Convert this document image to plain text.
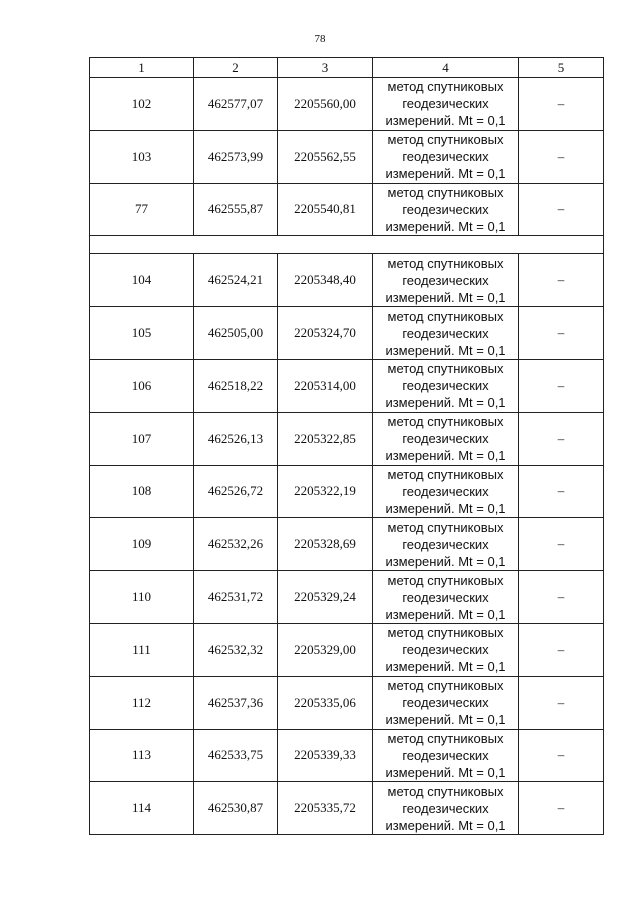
78
1	2	3	4	5
102	462577,07	2205560,00	метод спутниковых
геодезических
измерений. Mt = 0,1	–
103	462573,99	2205562,55	метод спутниковых
геодезических
измерений. Mt = 0,1	–
77	462555,87	2205540,81	метод спутниковых
геодезических
измерений. Mt = 0,1	–

104	462524,21	2205348,40	метод спутниковых
геодезических
измерений. Mt = 0,1	–
105	462505,00	2205324,70	метод спутниковых
геодезических
измерений. Mt = 0,1	–
106	462518,22	2205314,00	метод спутниковых
геодезических
измерений. Mt = 0,1	–
107	462526,13	2205322,85	метод спутниковых
геодезических
измерений. Mt = 0,1	–
108	462526,72	2205322,19	метод спутниковых
геодезических
измерений. Mt = 0,1	–
109	462532,26	2205328,69	метод спутниковых
геодезических
измерений. Mt = 0,1	–
110	462531,72	2205329,24	метод спутниковых
геодезических
измерений. Mt = 0,1	–
111	462532,32	2205329,00	метод спутниковых
геодезических
измерений. Mt = 0,1	–
112	462537,36	2205335,06	метод спутниковых
геодезических
измерений. Mt = 0,1	–
113	462533,75	2205339,33	метод спутниковых
геодезических
измерений. Mt = 0,1	–
114	462530,87	2205335,72	метод спутниковых
геодезических
измерений. Mt = 0,1	–
